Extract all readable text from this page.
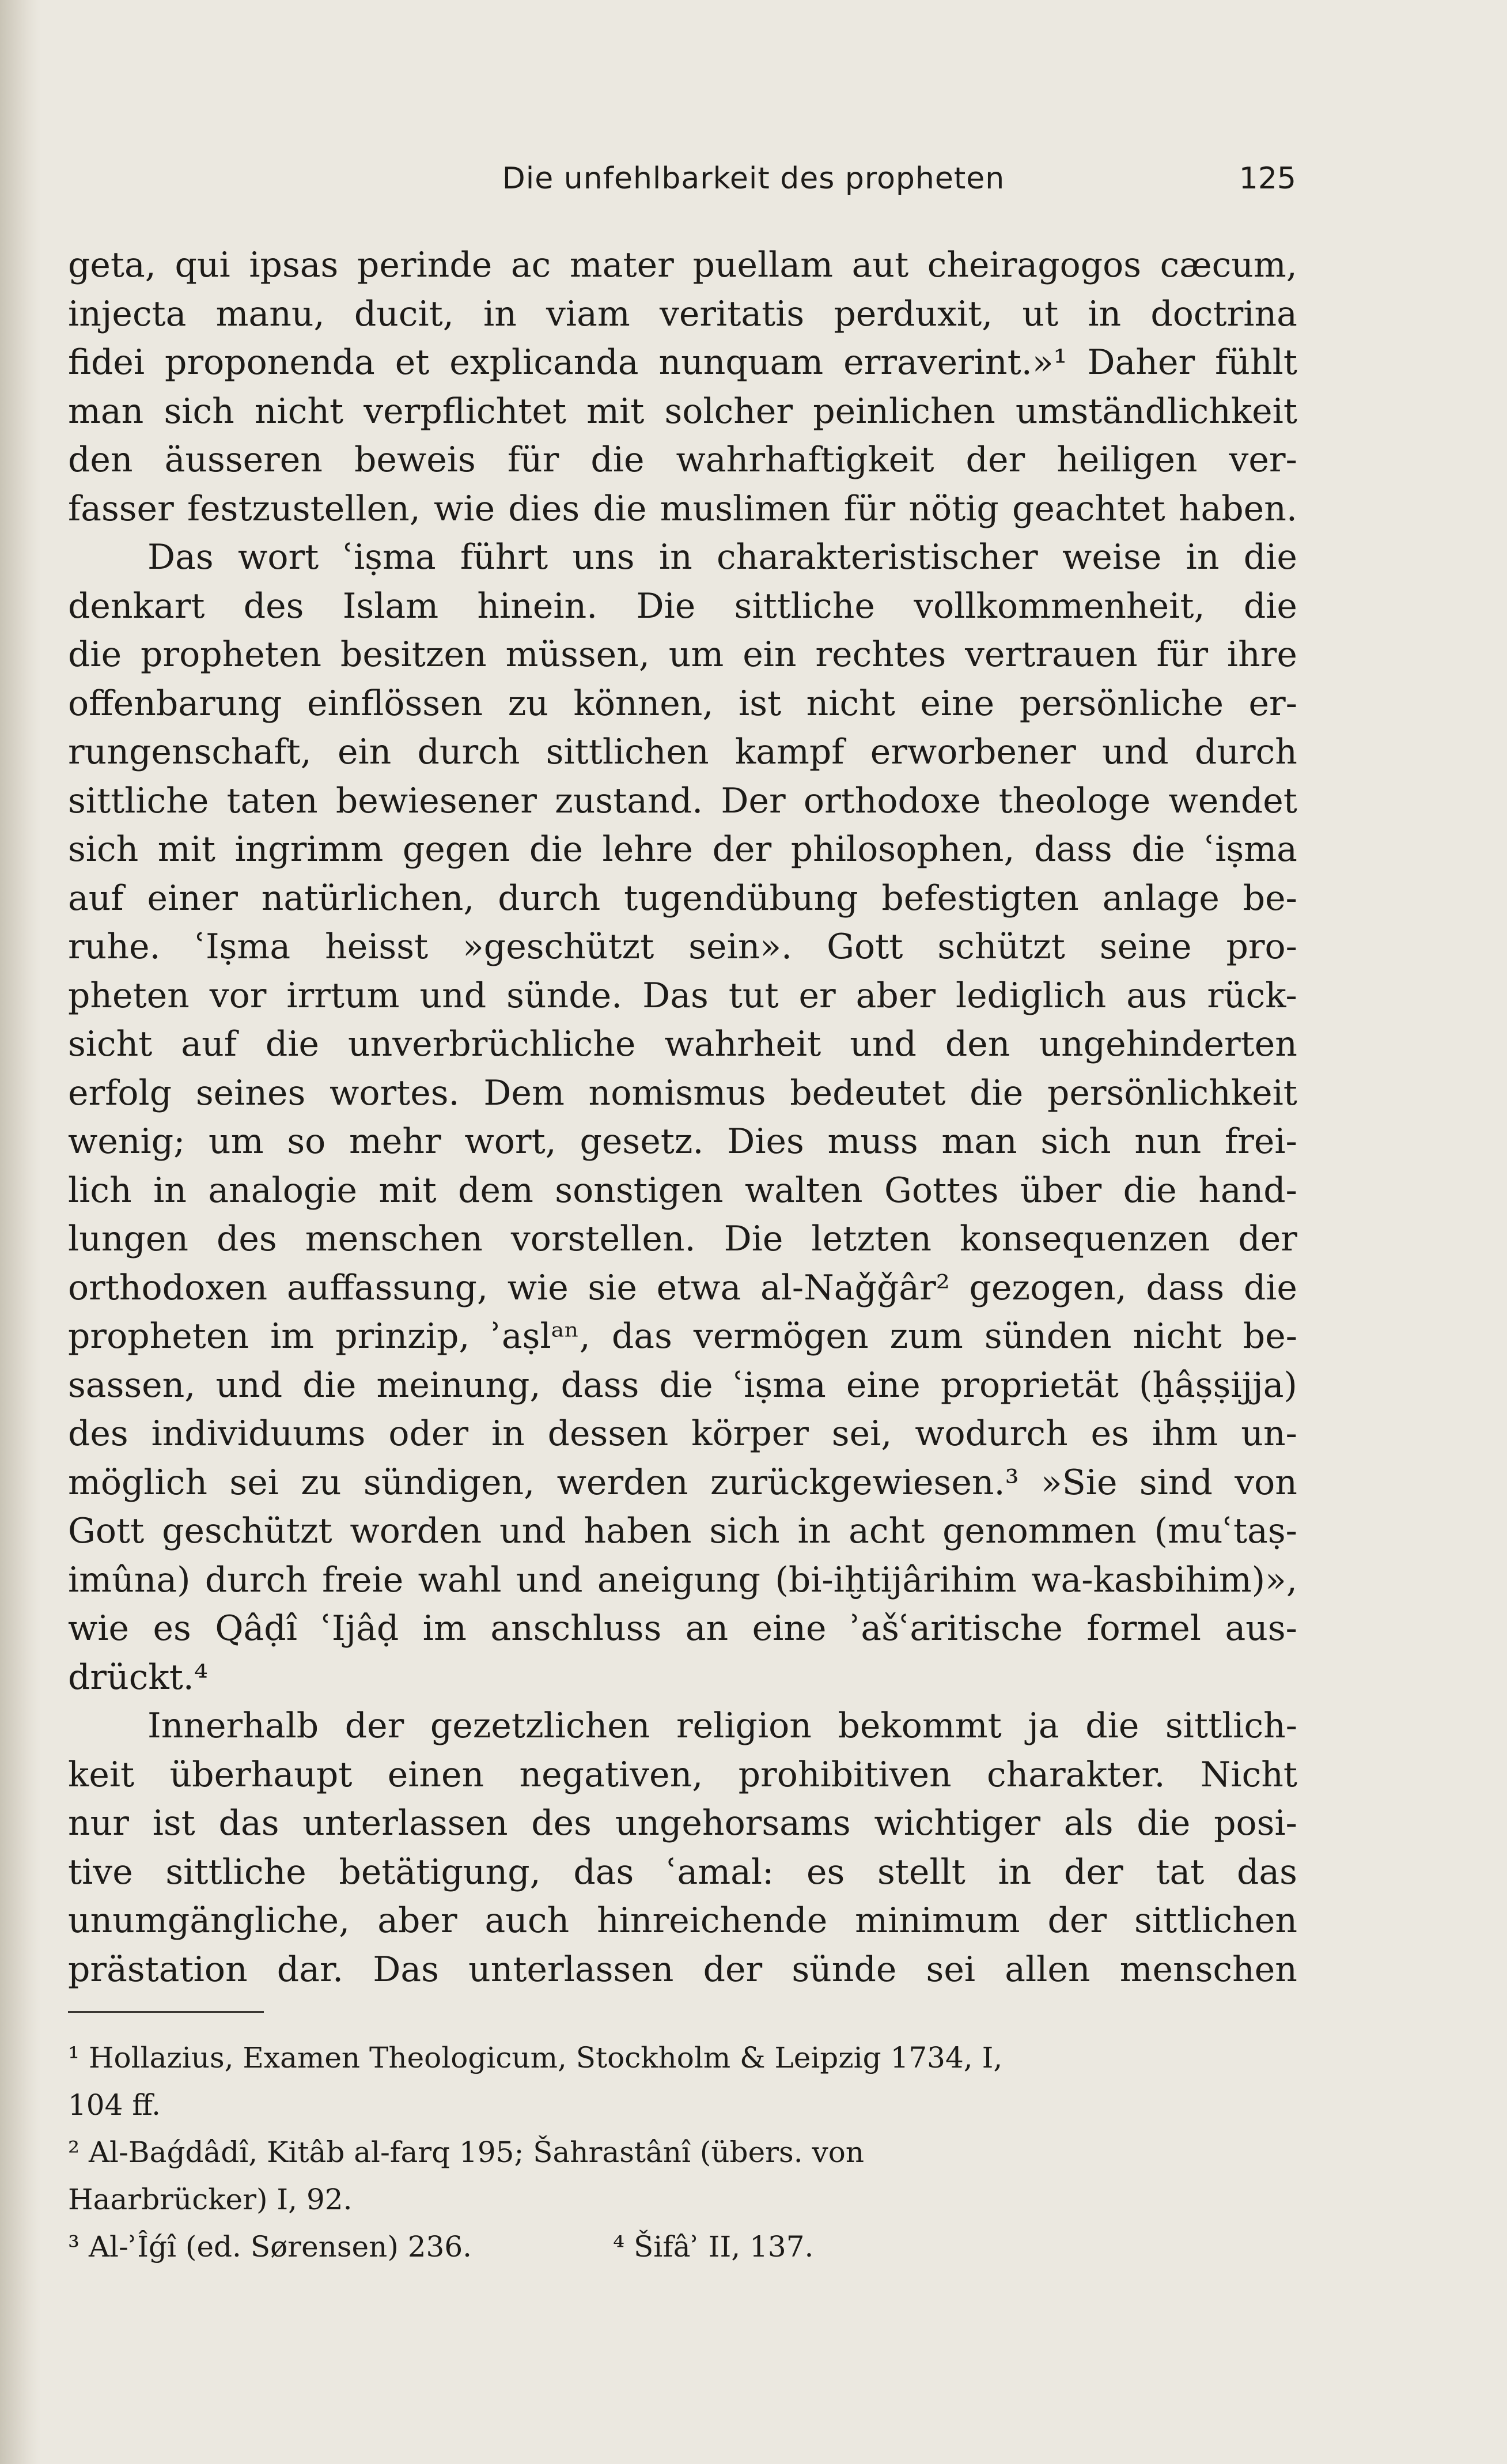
Die unfehlbarkeit des propheten	125
geta, qui ipsas perinde ac mater puellam aut cheiragogos cæcum,
injecta manu, ducit, in viam veritatis perduxit, ut in doctrina
fidei proponenda et explicanda nunquam erraverint.»¹ Daher fühlt
man sich nicht verpflichtet mit solcher peinlichen umständlichkeit
den äusseren beweis für die wahrhaftigkeit der heiligen ver-
fasser festzustellen, wie dies die muslimen für nötig geachtet haben.
Das wort ʿiṣma führt uns in charakteristischer weise in die
denkart des Islam hinein. Die sittliche vollkommenheit, die
die propheten besitzen müssen, um ein rechtes vertrauen für ihre
offenbarung einflössen zu können, ist nicht eine persönliche er-
rungenschaft, ein durch sittlichen kampf erworbener und durch
sittliche taten bewiesener zustand. Der orthodoxe theologe wendet
sich mit ingrimm gegen die lehre der philosophen, dass die ʿiṣma
auf einer natürlichen, durch tugendübung befestigten anlage be-
ruhe. ʿIṣma heisst »geschützt sein». Gott schützt seine pro-
pheten vor irrtum und sünde. Das tut er aber lediglich aus rück-
sicht auf die unverbrüchliche wahrheit und den ungehinderten
erfolg seines wortes. Dem nomismus bedeutet die persönlichkeit
wenig; um so mehr wort, gesetz. Dies muss man sich nun frei-
lich in analogie mit dem sonstigen walten Gottes über die hand-
lungen des menschen vorstellen. Die letzten konsequenzen der
orthodoxen auffassung, wie sie etwa al-Naǧǧâr² gezogen, dass die
propheten im prinzip, ʾaṣlᵃⁿ, das vermögen zum sünden nicht be-
sassen, und die meinung, dass die ʿiṣma eine proprietät (ḫâṣṣijja)
des individuums oder in dessen körper sei, wodurch es ihm un-
möglich sei zu sündigen, werden zurückgewiesen.³ »Sie sind von
Gott geschützt worden und haben sich in acht genommen (muʿtaṣ-
imûna) durch freie wahl und aneigung (bi-iḫtijârihim wa-kasbihim)»,
wie es Qâḍî ʿIjâḍ im anschluss an eine ʾašʿaritische formel aus-
drückt.⁴
Innerhalb der gezetzlichen religion bekommt ja die sittlich-
keit überhaupt einen negativen, prohibitiven charakter. Nicht
nur ist das unterlassen des ungehorsams wichtiger als die posi-
tive sittliche betätigung, das ʿamal: es stellt in der tat das
unumgängliche, aber auch hinreichende minimum der sittlichen
prästation dar. Das unterlassen der sünde sei allen menschen
¹ Hollazius, Examen Theologicum, Stockholm & Leipzig 1734, I,
104 ff.
² Al-Baǵdâdî, Kitâb al-farq 195; Šahrastânî (übers. von
Haarbrücker) I, 92.
³ Al-ʾÎǵî (ed. Sørensen) 236.	⁴ Šifâʾ II, 137.
